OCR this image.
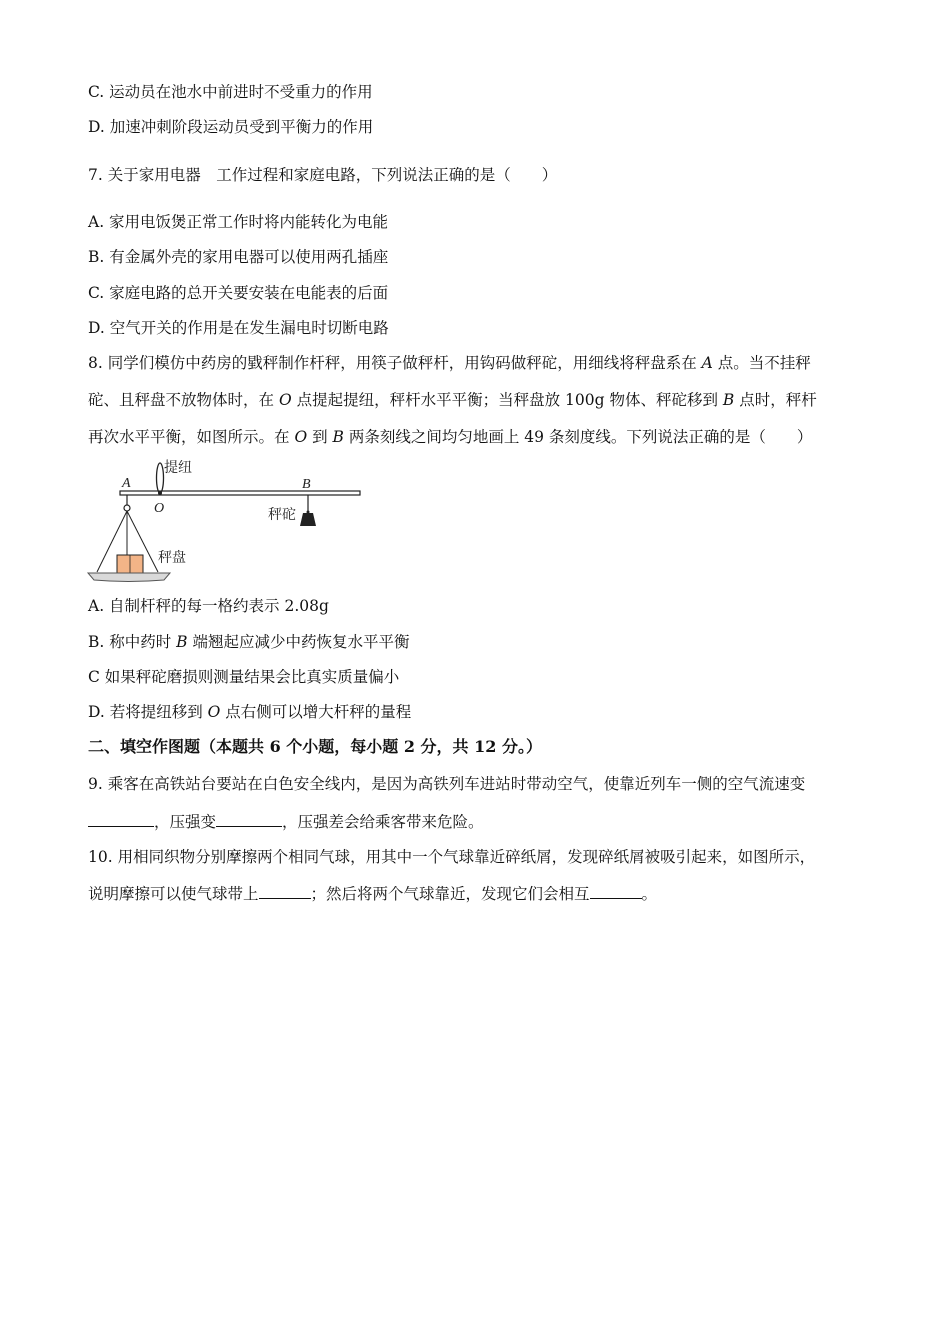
C. 运动员在池水中前进时不受重力的作用
D. 加速冲刺阶段运动员受到平衡力的作用
7. 关于家用电器　工作过程和家庭电路，下列说法正确的是（　　）
A. 家用电饭煲正常工作时将内能转化为电能
B. 有金属外壳的家用电器可以使用两孔插座
C. 家庭电路的总开关要安装在电能表的后面
D. 空气开关的作用是在发生漏电时切断电路
8. 同学们模仿中药房的戥秤制作杆秤，用筷子做秤杆，用钩码做秤砣，用细线将秤盘系在 A 点。当不挂秤
砣、且秤盘不放物体时，在 O 点提起提纽，秤杆水平平衡；当秤盘放 100g 物体、秤砣移到 B 点时，秤杆
再次水平平衡，如图所示。在 O 到 B 两条刻线之间均匀地画上 49 条刻度线。下列说法正确的是（　　）
提纽
A
O
B
秤盘
秤砣
A. 自制杆秤的每一格约表示 2.08g
B. 称中药时 B 端翘起应减少中药恢复水平平衡
C 如果秤砣磨损则测量结果会比真实质量偏小
D. 若将提纽移到 O 点右侧可以增大杆秤的量程
二、填空作图题（本题共 6 个小题，每小题 2 分，共 12 分。）
9. 乘客在高铁站台要站在白色安全线内，是因为高铁列车进站时带动空气，使靠近列车一侧的空气流速变
，压强变	，压强差会给乘客带来危险。
10. 用相同织物分别摩擦两个相同气球，用其中一个气球靠近碎纸屑，发现碎纸屑被吸引起来，如图所示，
说明摩擦可以使气球带上	；然后将两个气球靠近，发现它们会相互	。
